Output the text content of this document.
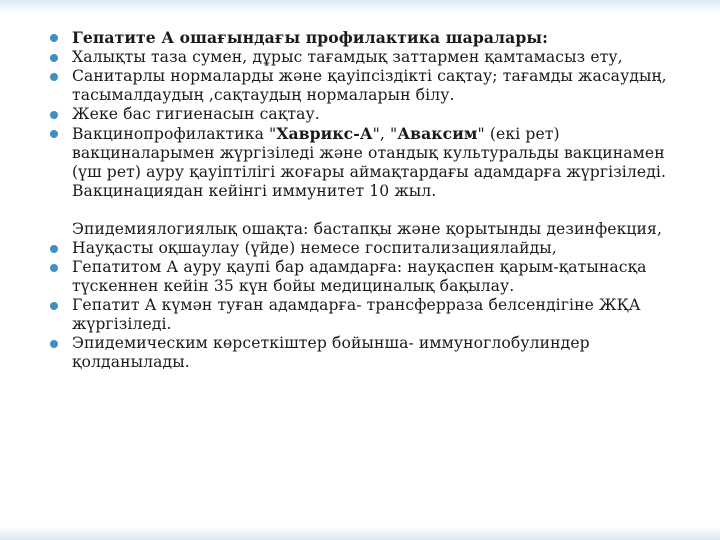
Гепатите А ошағындағы профилактика шаралары:
Халықты таза сумен, дұрыс тағамдық заттармен қамтамасыз ету,
Санитарлы нормаларды және қауіпсіздікті сақтау; тағамды жасаудың, тасымалдаудың ,сақтаудың нормаларын білу.
Жеке бас гигиенасын сақтау.
Вакцинопрофилактика "Хаврикс-А", "Аваксим" (екі рет) вакциналарымен жүргізіледі және отандық культуральды вакцинамен (үш рет) ауру қауіптілігі жоғары аймақтардағы адамдарға жүргізіледі. Вакцинациядан кейінгі иммунитет 10 жыл.
Эпидемиялогиялық ошақта: бастапқы және қорытынды дезинфекция,
Науқасты оқшаулау (үйде) немесе госпитализациялайды,
Гепатитом А ауру қаупі бар адамдарға: науқаспен қарым-қатынасқа түскеннен кейін 35 күн бойы медициналық бақылау.
Гепатит А күмән туған адамдарға- трансферраза белсендігіне ЖҚА жүргізіледі.
Эпидемическим көрсеткіштер бойынша- иммуноглобулиндер қолданылады.
